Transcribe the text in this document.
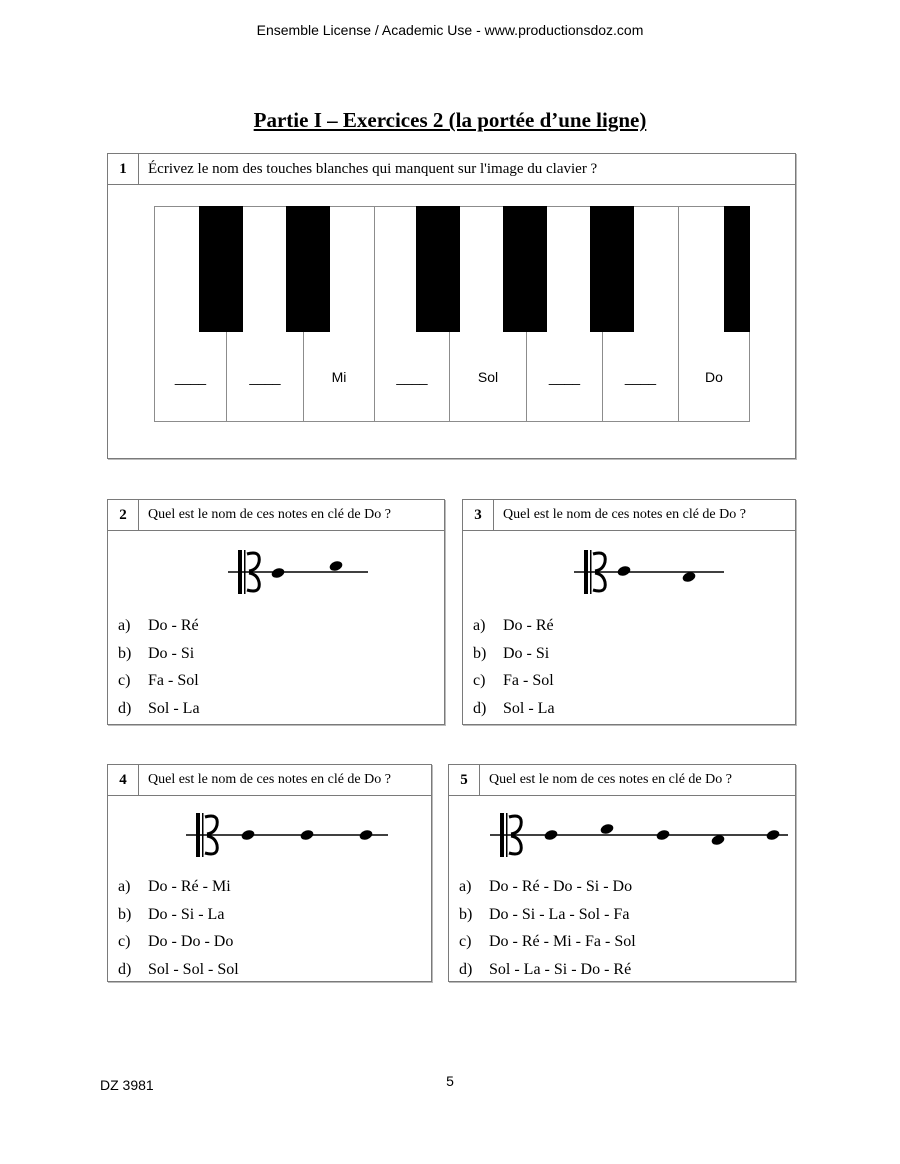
Ensemble License / Academic Use - www.productionsdoz.com
Partie I – Exercices 2 (la portée d’une ligne)
1	Écrivez le nom des touches blanches qui manquent sur l'image du clavier ?
____	____	Mi	____	Sol	____	____	Do
2	Quel est le nom de ces notes en clé de Do ?
a) Do - Ré
b) Do - Si
c) Fa - Sol
d) Sol - La
3	Quel est le nom de ces notes en clé de Do ?
a) Do - Ré
b) Do - Si
c) Fa - Sol
d) Sol - La
4	Quel est le nom de ces notes en clé de Do ?
a) Do - Ré - Mi
b) Do - Si - La
c) Do - Do - Do
d) Sol - Sol - Sol
5	Quel est le nom de ces notes en clé de Do ?
a) Do - Ré - Do - Si - Do
b) Do - Si - La - Sol - Fa
c) Do - Ré - Mi - Fa - Sol
d) Sol - La - Si - Do - Ré
DZ 3981	5
